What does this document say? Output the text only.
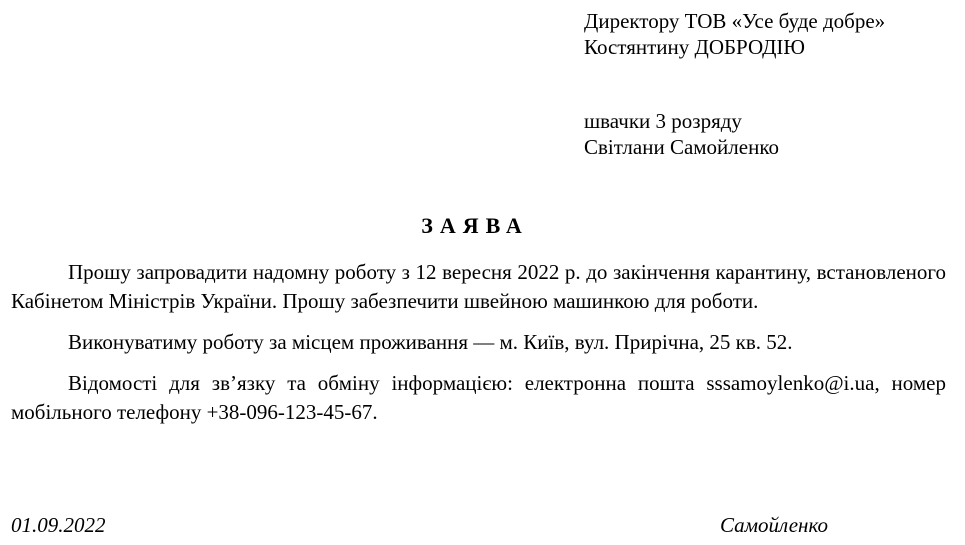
Директору ТОВ «Усе буде добре»
Костянтину ДОБРОДІЮ
швачки 3 розряду
Світлани Самойленко
ЗАЯВА

Прошу запровадити надомну роботу з 12 вересня 2022 р. до закінчення карантину, встановленого Кабінетом Міністрів України. Прошу забезпечити швейною машинкою для роботи.

Виконуватиму роботу за місцем проживання — м. Київ, вул. Прирічна, 25 кв. 52.

Відомості для зв’язку та обміну інформацією: електронна пошта sssamoylenko@i.ua, номер мобільного телефону +38-096-123-45-67.

01.09.2022	Самойленко
